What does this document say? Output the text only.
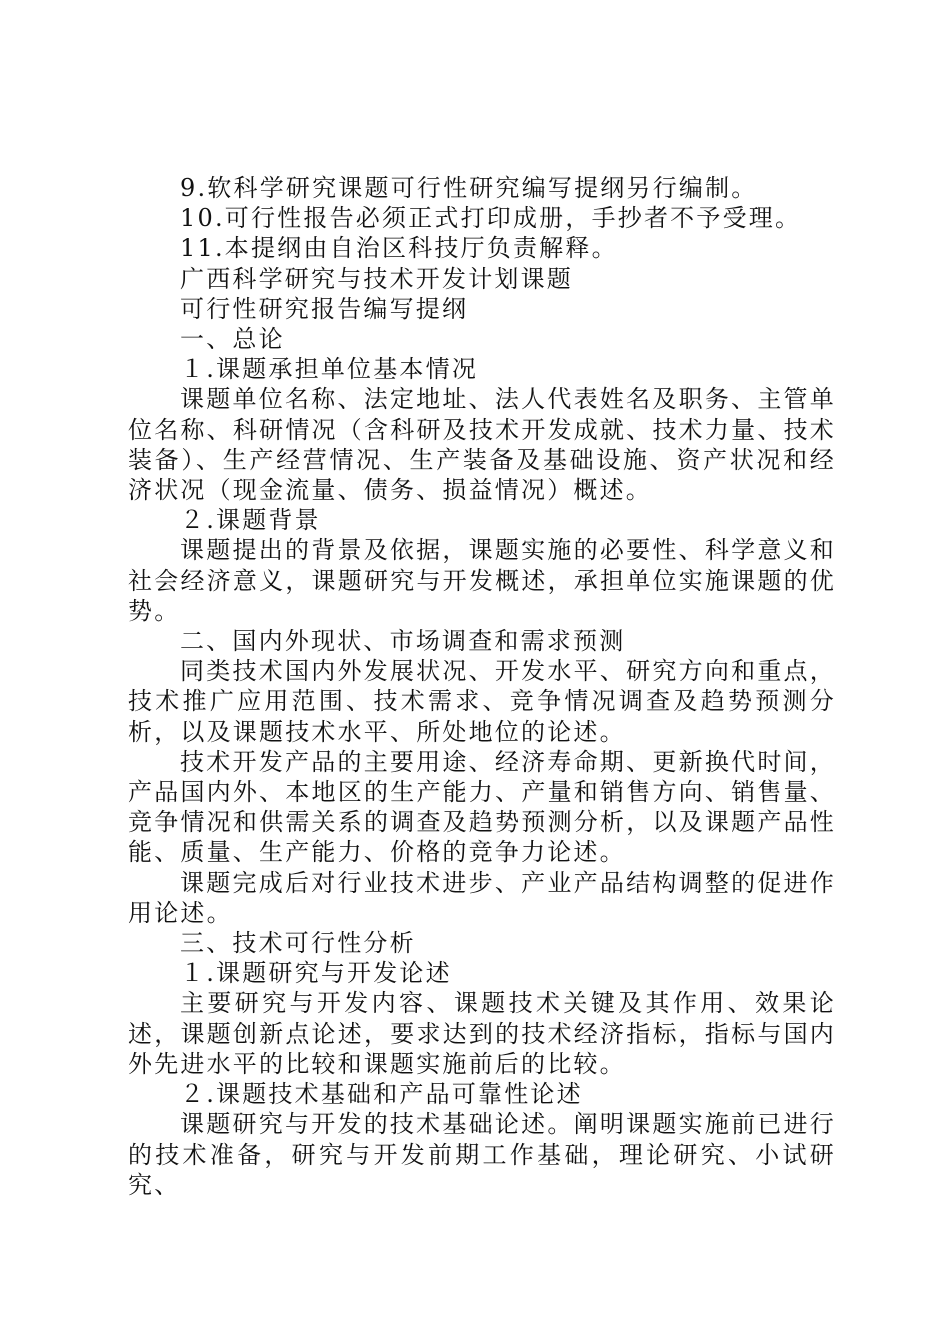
9.软科学研究课题可行性研究编写提纲另行编制。

10.可行性报告必须正式打印成册，手抄者不予受理。

11.本提纲由自治区科技厅负责解释。

广西科学研究与技术开发计划课题

可行性研究报告编写提纲

一、总论

１.课题承担单位基本情况

课题单位名称、法定地址、法人代表姓名及职务、主管单位名称、科研情况（含科研及技术开发成就、技术力量、技术装备）、生产经营情况、生产装备及基础设施、资产状况和经济状况（现金流量、债务、损益情况）概述。

２.课题背景

课题提出的背景及依据，课题实施的必要性、科学意义和社会经济意义，课题研究与开发概述，承担单位实施课题的优势。

二、国内外现状、市场调查和需求预测

同类技术国内外发展状况、开发水平、研究方向和重点，技术推广应用范围、技术需求、竞争情况调查及趋势预测分析，以及课题技术水平、所处地位的论述。

技术开发产品的主要用途、经济寿命期、更新换代时间，产品国内外、本地区的生产能力、产量和销售方向、销售量、竞争情况和供需关系的调查及趋势预测分析，以及课题产品性能、质量、生产能力、价格的竞争力论述。

课题完成后对行业技术进步、产业产品结构调整的促进作用论述。

三、技术可行性分析

１.课题研究与开发论述

主要研究与开发内容、课题技术关键及其作用、效果论述，课题创新点论述，要求达到的技术经济指标，指标与国内外先进水平的比较和课题实施前后的比较。

２.课题技术基础和产品可靠性论述

课题研究与开发的技术基础论述。阐明课题实施前已进行的技术准备，研究与开发前期工作基础，理论研究、小试研究、
